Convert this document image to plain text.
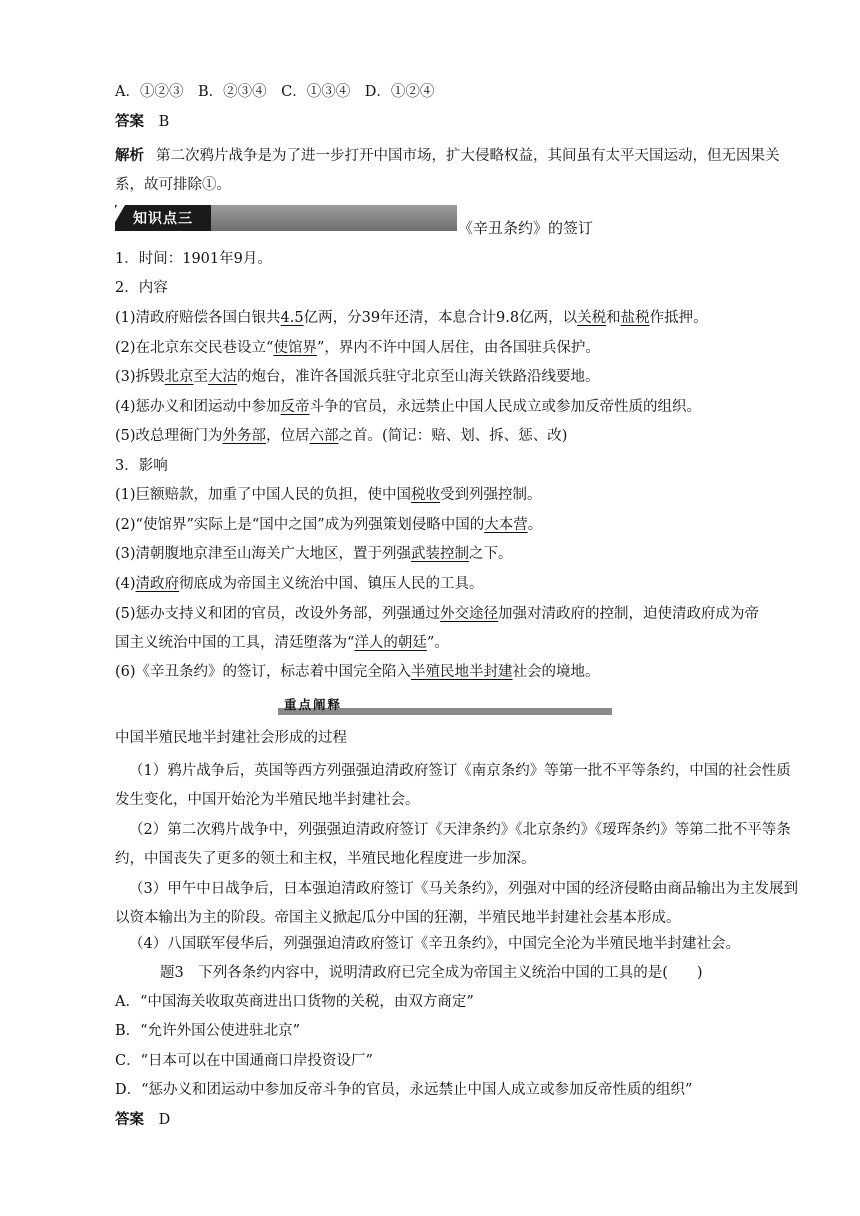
A．①②③　B．②③④　C．①③④　D．①②④
答案 B
解析 第二次鸦片战争是为了进一步打开中国市场，扩大侵略权益，其间虽有太平天国运动，但无因果关系，故可排除①。
知识点三	《辛丑条约》的签订
1．时间：1901年9月。
2．内容
(1)清政府赔偿各国白银共4.5亿两，分39年还清，本息合计9.8亿两，以关税和盐税作抵押。
(2)在北京东交民巷设立“使馆界”，界内不许中国人居住，由各国驻兵保护。
(3)拆毁北京至大沽的炮台，准许各国派兵驻守北京至山海关铁路沿线要地。
(4)惩办义和团运动中参加反帝斗争的官员，永远禁止中国人民成立或参加反帝性质的组织。
(5)改总理衙门为外务部，位居六部之首。(简记：赔、划、拆、惩、改)
3．影响
(1)巨额赔款，加重了中国人民的负担，使中国税收受到列强控制。
(2)“使馆界”实际上是“国中之国”成为列强策划侵略中国的大本营。
(3)清朝腹地京津至山海关广大地区，置于列强武装控制之下。
(4)清政府彻底成为帝国主义统治中国、镇压人民的工具。
(5)惩办支持义和团的官员，改设外务部，列强通过外交途径加强对清政府的控制，迫使清政府成为帝
国主义统治中国的工具，清廷堕落为“洋人的朝廷”。
(6)《辛丑条约》的签订，标志着中国完全陷入半殖民地半封建社会的境地。
重点阐释
中国半殖民地半封建社会形成的过程
（1）鸦片战争后，英国等西方列强强迫清政府签订《南京条约》等第一批不平等条约，中国的社会性质发生变化，中国开始沦为半殖民地半封建社会。
（2）第二次鸦片战争中，列强强迫清政府签订《天津条约》《北京条约》《瑷珲条约》等第二批不平等条约，中国丧失了更多的领土和主权，半殖民地化程度进一步加深。
（3）甲午中日战争后，日本强迫清政府签订《马关条约》，列强对中国的经济侵略由商品输出为主发展到以资本输出为主的阶段。帝国主义掀起瓜分中国的狂潮，半殖民地半封建社会基本形成。
（4）八国联军侵华后，列强强迫清政府签订《辛丑条约》，中国完全沦为半殖民地半封建社会。
题3　下列各条约内容中，说明清政府已完全成为帝国主义统治中国的工具的是(　　)
A．“中国海关收取英商进出口货物的关税，由双方商定”
B．“允许外国公使进驻北京”
C．“日本可以在中国通商口岸投资设厂”
D．“惩办义和团运动中参加反帝斗争的官员，永远禁止中国人成立或参加反帝性质的组织”
答案 D
